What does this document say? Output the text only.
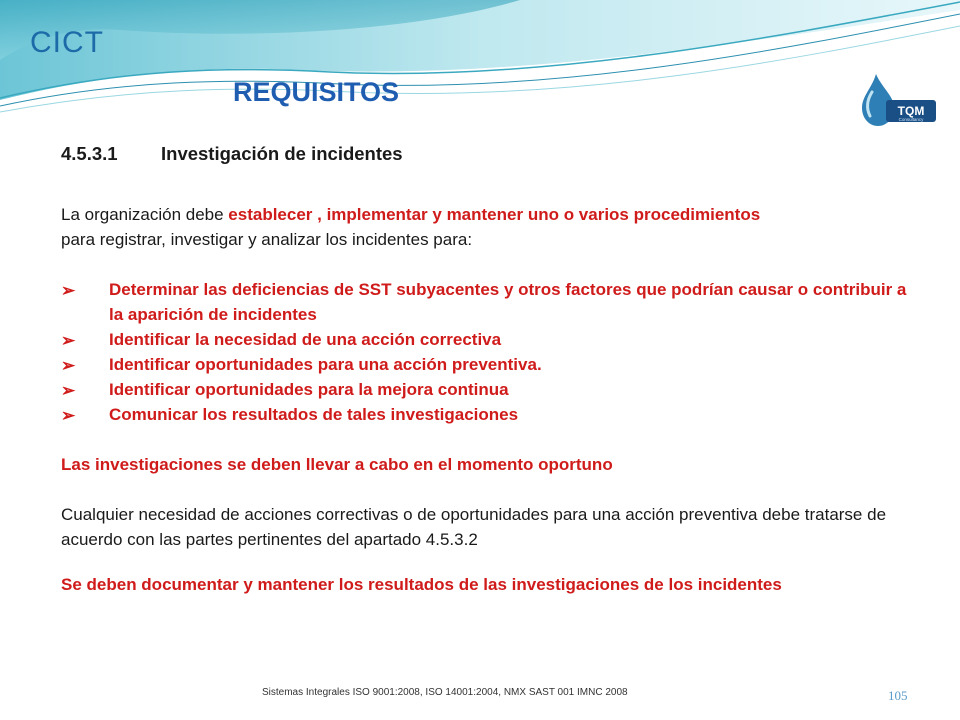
CICT
REQUISITOS
TQM
Consultancy
4.5.3.1 Investigación de incidentes

La organización debe establecer , implementar y mantener uno o varios procedimientos
para registrar, investigar y analizar los incidentes para:

➢ Determinar las deficiencias de SST subyacentes y otros factores que podrían causar o contribuir a la aparición de incidentes
➢ Identificar la necesidad de una acción correctiva
➢ Identificar oportunidades para una acción preventiva.
➢ Identificar oportunidades para la mejora continua
➢ Comunicar los resultados de tales investigaciones

Las investigaciones se deben llevar a cabo en el momento oportuno

Cualquier necesidad de acciones correctivas o de oportunidades para una acción preventiva debe tratarse de acuerdo con las partes pertinentes del apartado 4.5.3.2

Se deben documentar y mantener los resultados de las investigaciones de los incidentes

Sistemas Integrales ISO 9001:2008, ISO 14001:2004, NMX SAST 001 IMNC 2008	105
